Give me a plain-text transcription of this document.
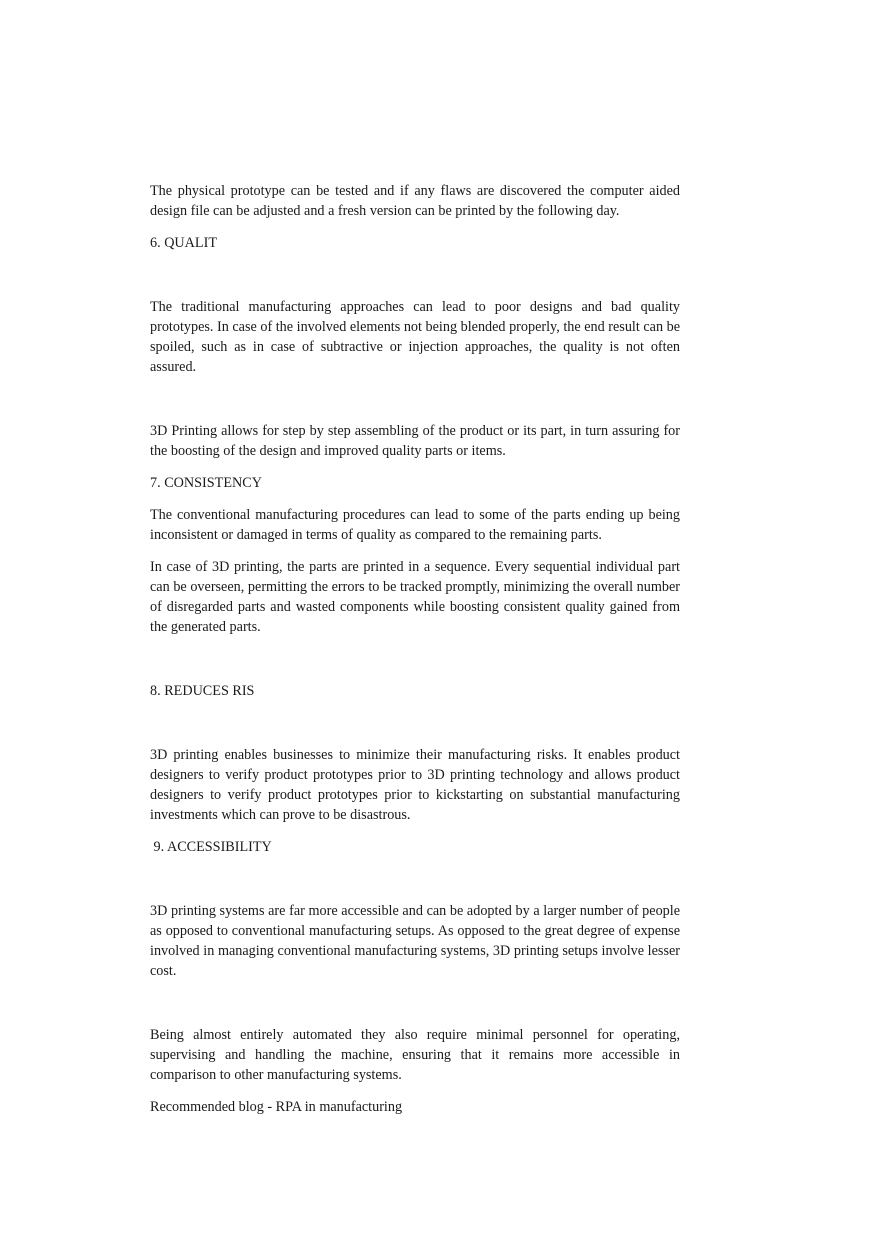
The physical prototype can be tested and if any flaws are discovered the computer aided design file can be adjusted and a fresh version can be printed by the following day.

6. QUALIT

The traditional manufacturing approaches can lead to poor designs and bad quality prototypes. In case of the involved elements not being blended properly, the end result can be spoiled, such as in case of subtractive or injection approaches, the quality is not often assured.

3D Printing allows for step by step assembling of the product or its part, in turn assuring for the boosting of the design and improved quality parts or items.

7. CONSISTENCY

The conventional manufacturing procedures can lead to some of the parts ending up being inconsistent or damaged in terms of quality as compared to the remaining parts.

In case of 3D printing, the parts are printed in a sequence. Every sequential individual part can be overseen, permitting the errors to be tracked promptly, minimizing the overall number of disregarded parts and wasted components while boosting consistent quality gained from the generated parts.

8. REDUCES RIS

3D printing enables businesses to minimize their manufacturing risks. It enables product designers to verify product prototypes prior to 3D printing technology and allows product designers to verify product prototypes prior to kickstarting on substantial manufacturing investments which can prove to be disastrous.

9. ACCESSIBILITY

3D printing systems are far more accessible and can be adopted by a larger number of people as opposed to conventional manufacturing setups. As opposed to the great degree of expense involved in managing conventional manufacturing systems, 3D printing setups involve lesser cost.

Being almost entirely automated they also require minimal personnel for operating, supervising and handling the machine, ensuring that it remains more accessible in comparison to other manufacturing systems.

Recommended blog - RPA in manufacturing
